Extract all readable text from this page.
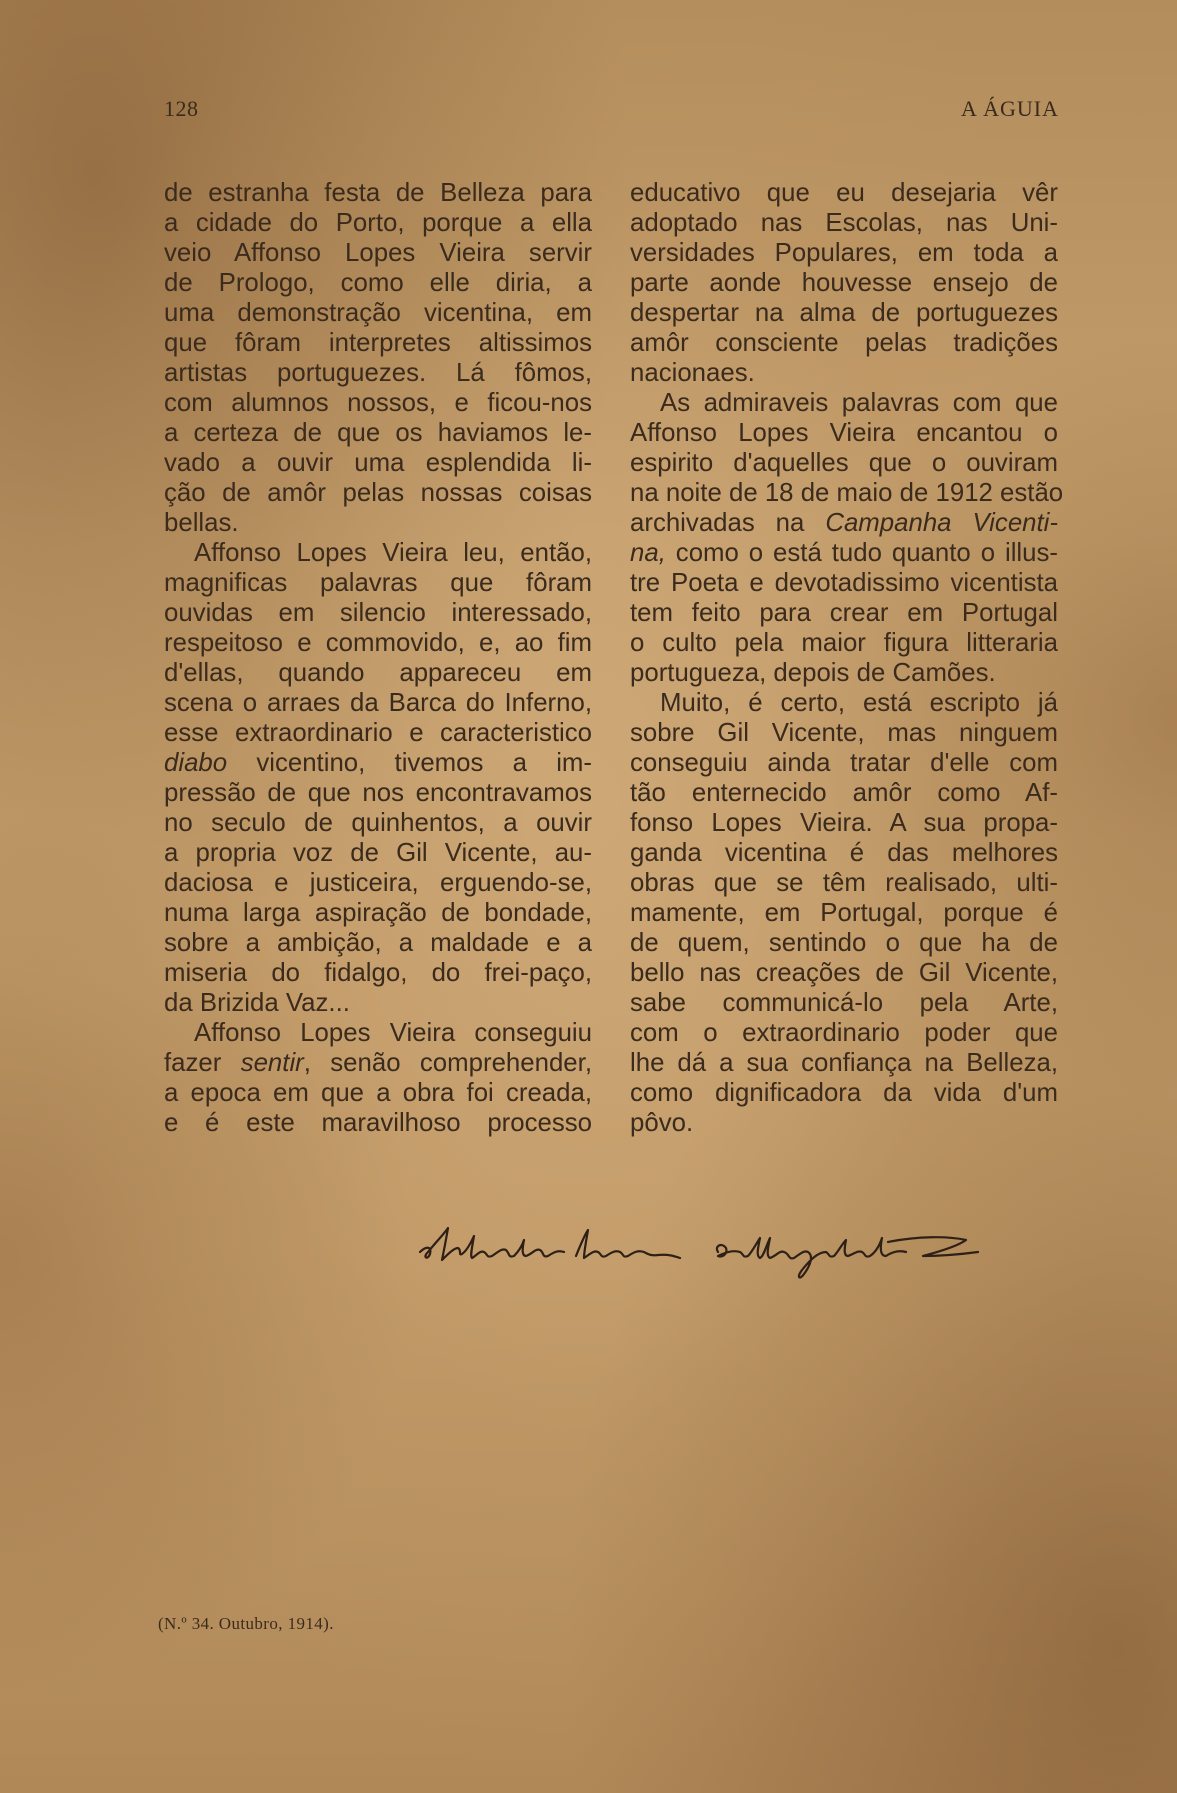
128	A ÁGUIA
de estranha festa de Belleza para
a cidade do Porto, porque a ella
veio Affonso Lopes Vieira servir
de Prologo, como elle diria, a
uma demonstração vicentina, em
que fôram interpretes altissimos
artistas portuguezes. Lá fômos,
com alumnos nossos, e ficou-nos
a certeza de que os haviamos le-
vado a ouvir uma esplendida li-
ção de amôr pelas nossas coisas
bellas.
Affonso Lopes Vieira leu, então,
magnificas palavras que fôram
ouvidas em silencio interessado,
respeitoso e commovido, e, ao fim
d'ellas, quando appareceu em
scena o arraes da Barca do Inferno,
esse extraordinario e caracteristico
diabo vicentino, tivemos a im-
pressão de que nos encontravamos
no seculo de quinhentos, a ouvir
a propria voz de Gil Vicente, au-
daciosa e justiceira, erguendo-se,
numa larga aspiração de bondade,
sobre a ambição, a maldade e a
miseria do fidalgo, do frei-paço,
da Brizida Vaz...
Affonso Lopes Vieira conseguiu
fazer sentir, senão comprehender,
a epoca em que a obra foi creada,
e é este maravilhoso processo
educativo que eu desejaria vêr
adoptado nas Escolas, nas Uni-
versidades Populares, em toda a
parte aonde houvesse ensejo de
despertar na alma de portuguezes
amôr consciente pelas tradições
nacionaes.
As admiraveis palavras com que
Affonso Lopes Vieira encantou o
espirito d'aquelles que o ouviram
na noite de 18 de maio de 1912 estão
archivadas na Campanha Vicenti-
na, como o está tudo quanto o illus-
tre Poeta e devotadissimo vicentista
tem feito para crear em Portugal
o culto pela maior figura litteraria
portugueza, depois de Camões.
Muito, é certo, está escripto já
sobre Gil Vicente, mas ninguem
conseguiu ainda tratar d'elle com
tão enternecido amôr como Af-
fonso Lopes Vieira. A sua propa-
ganda vicentina é das melhores
obras que se têm realisado, ulti-
mamente, em Portugal, porque é
de quem, sentindo o que ha de
bello nas creações de Gil Vicente,
sabe communicá-lo pela Arte,
com o extraordinario poder que
lhe dá a sua confiança na Belleza,
como dignificadora da vida d'um
pôvo.
(N.º 34. Outubro, 1914).
